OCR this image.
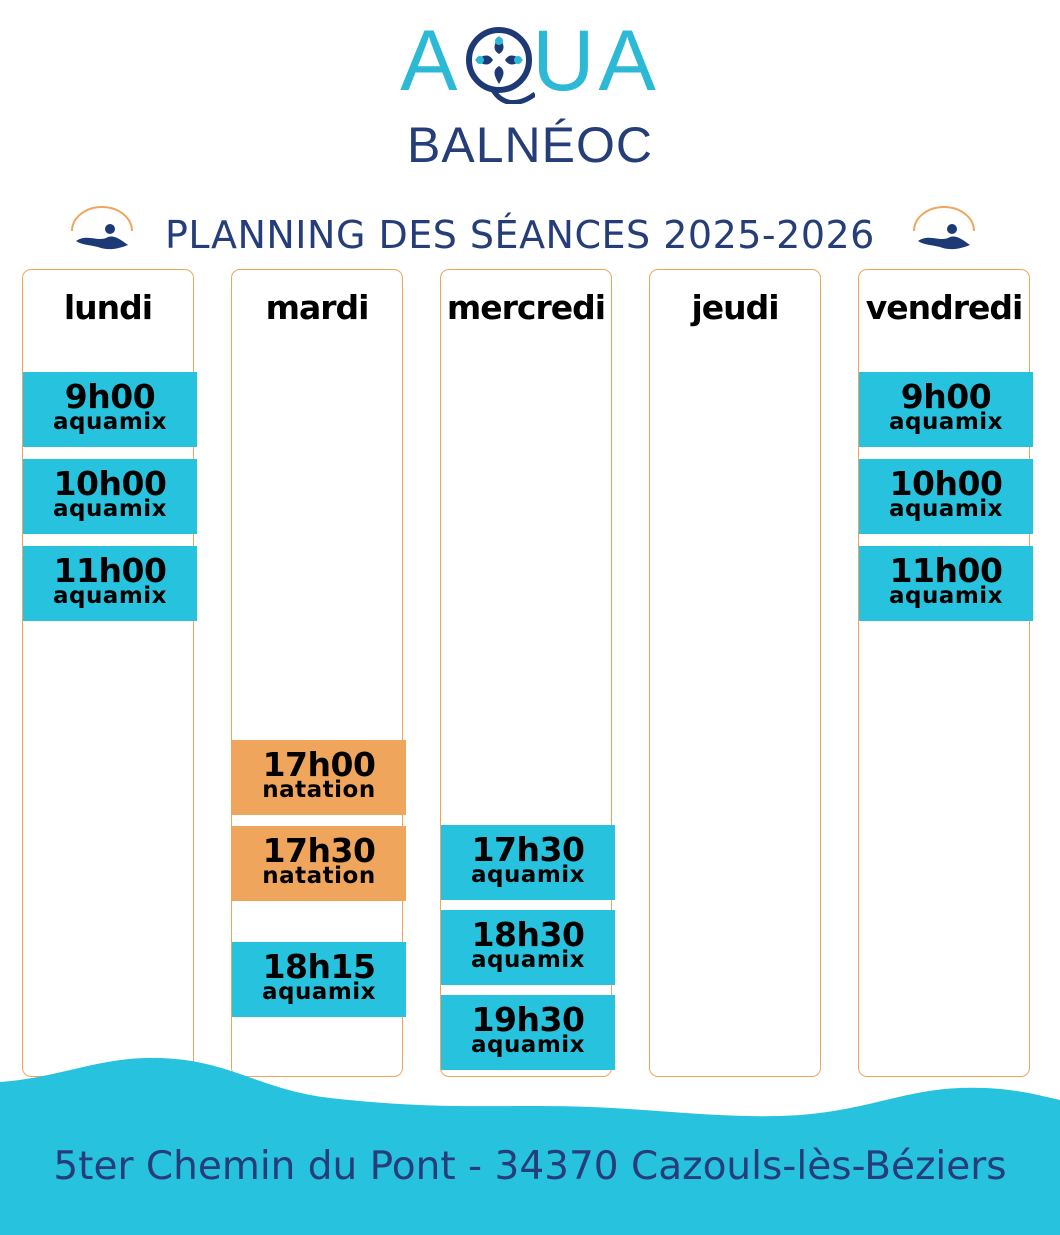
A UA
BALNÉOC
PLANNING DES SÉANCES 2025-2026
lundi
9h00
aquamix
10h00
aquamix
11h00
aquamix
mardi
17h00
natation
17h30
natation
18h15
aquamix
mercredi
17h30
aquamix
18h30
aquamix
19h30
aquamix
jeudi	vendredi
9h00
aquamix
10h00
aquamix
11h00
aquamix
5ter Chemin du Pont - 34370 Cazouls-lès-Béziers
